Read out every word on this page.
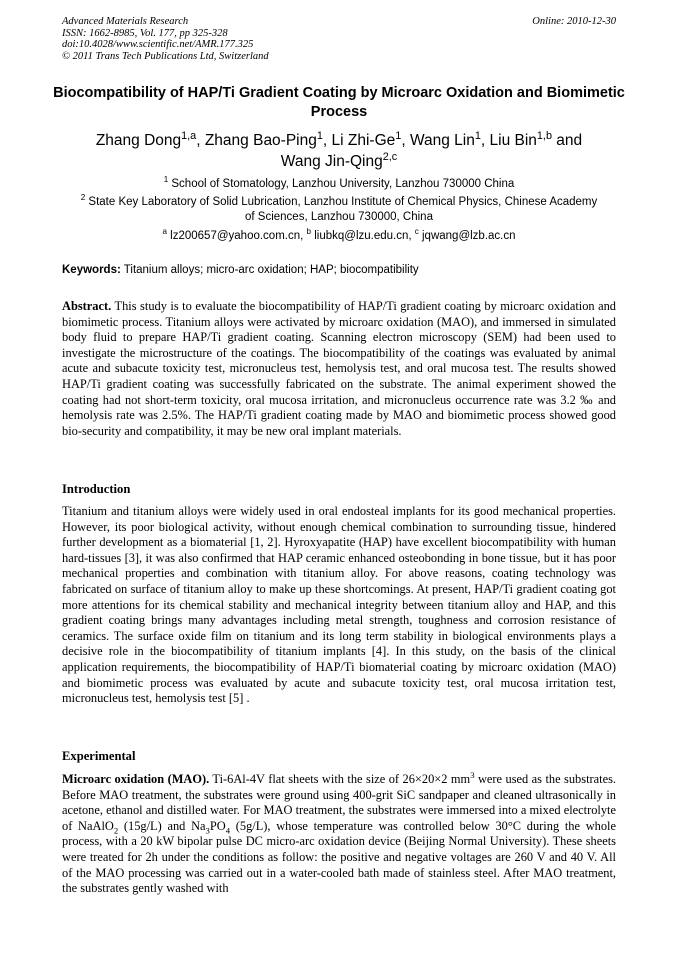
Advanced Materials Research
ISSN: 1662-8985, Vol. 177, pp 325-328
doi:10.4028/www.scientific.net/AMR.177.325
© 2011 Trans Tech Publications Ltd, Switzerland
Online: 2010-12-30
Biocompatibility of HAP/Ti Gradient Coating by Microarc Oxidation and Biomimetic Process
Zhang Dong$^{1,a}$, Zhang Bao-Ping$^1$, Li Zhi-Ge$^1$, Wang Lin$^1$, Liu Bin$^{1,b}$ and
Wang Jin-Qing$^{2,c}$
$^1$ School of Stomatology, Lanzhou University, Lanzhou 730000 China
$^2$ State Key Laboratory of Solid Lubrication, Lanzhou Institute of Chemical Physics, Chinese Academy of Sciences, Lanzhou 730000, China
$^a$ lz200657@yahoo.com.cn, $^b$ liubkq@lzu.edu.cn, $^c$ jqwang@lzb.ac.cn
Keywords: Titanium alloys; micro-arc oxidation; HAP; biocompatibility
Abstract. This study is to evaluate the biocompatibility of HAP/Ti gradient coating by microarc oxidation and biomimetic process. Titanium alloys were activated by microarc oxidation (MAO), and immersed in simulated body fluid to prepare HAP/Ti gradient coating. Scanning electron microscopy (SEM) had been used to investigate the microstructure of the coatings. The biocompatibility of the coatings was evaluated by animal acute and subacute toxicity test, micronucleus test, hemolysis test, and oral mucosa test. The results showed HAP/Ti gradient coating was successfully fabricated on the substrate. The animal experiment showed the coating had not short-term toxicity, oral mucosa irritation, and micronucleus occurrence rate was 3.2 ‰ and hemolysis rate was 2.5%. The HAP/Ti gradient coating made by MAO and biomimetic process showed good bio-security and compatibility, it may be new oral implant materials.
Introduction
Titanium and titanium alloys were widely used in oral endosteal implants for its good mechanical properties. However, its poor biological activity, without enough chemical combination to surrounding tissue, hindered further development as a biomaterial [1, 2]. Hyroxyapatite (HAP) have excellent biocompatibility with human hard-tissues [3], it was also confirmed that HAP ceramic enhanced osteobonding in bone tissue, but it has poor mechanical properties and combination with titanium alloy. For above reasons, coating technology was fabricated on surface of titanium alloy to make up these shortcomings. At present, HAP/Ti gradient coating got more attentions for its chemical stability and mechanical integrity between titanium alloy and HAP, and this gradient coating brings many advantages including metal strength, toughness and corrosion resistance of ceramics. The surface oxide film on titanium and its long term stability in biological environments plays a decisive role in the biocompatibility of titanium implants [4]. In this study, on the basis of the clinical application requirements, the biocompatibility of HAP/Ti biomaterial coating by microarc oxidation (MAO) and biomimetic process was evaluated by acute and subacute toxicity test, oral mucosa irritation test, micronucleus test, hemolysis test [5] .
Experimental
Microarc oxidation (MAO). Ti-6Al-4V flat sheets with the size of 26×20×2 $mm^3$ were used as the substrates. Before MAO treatment, the substrates were ground using 400-grit SiC sandpaper and cleaned ultrasonically in acetone, ethanol and distilled water. For MAO treatment, the substrates were immersed into a mixed electrolyte of NaAlO$_2$ (15g/L) and $Na_3PO_4$ (5g/L), whose temperature was controlled below 30°C during the whole process, with a 20 kW bipolar pulse DC micro-arc oxidation device (Beijing Normal University). These sheets were treated for 2h under the conditions as follow: the positive and negative voltages are 260 V and 40 V. All of the MAO processing was carried out in a water-cooled bath made of stainless steel. After MAO treatment, the substrates gently washed with
